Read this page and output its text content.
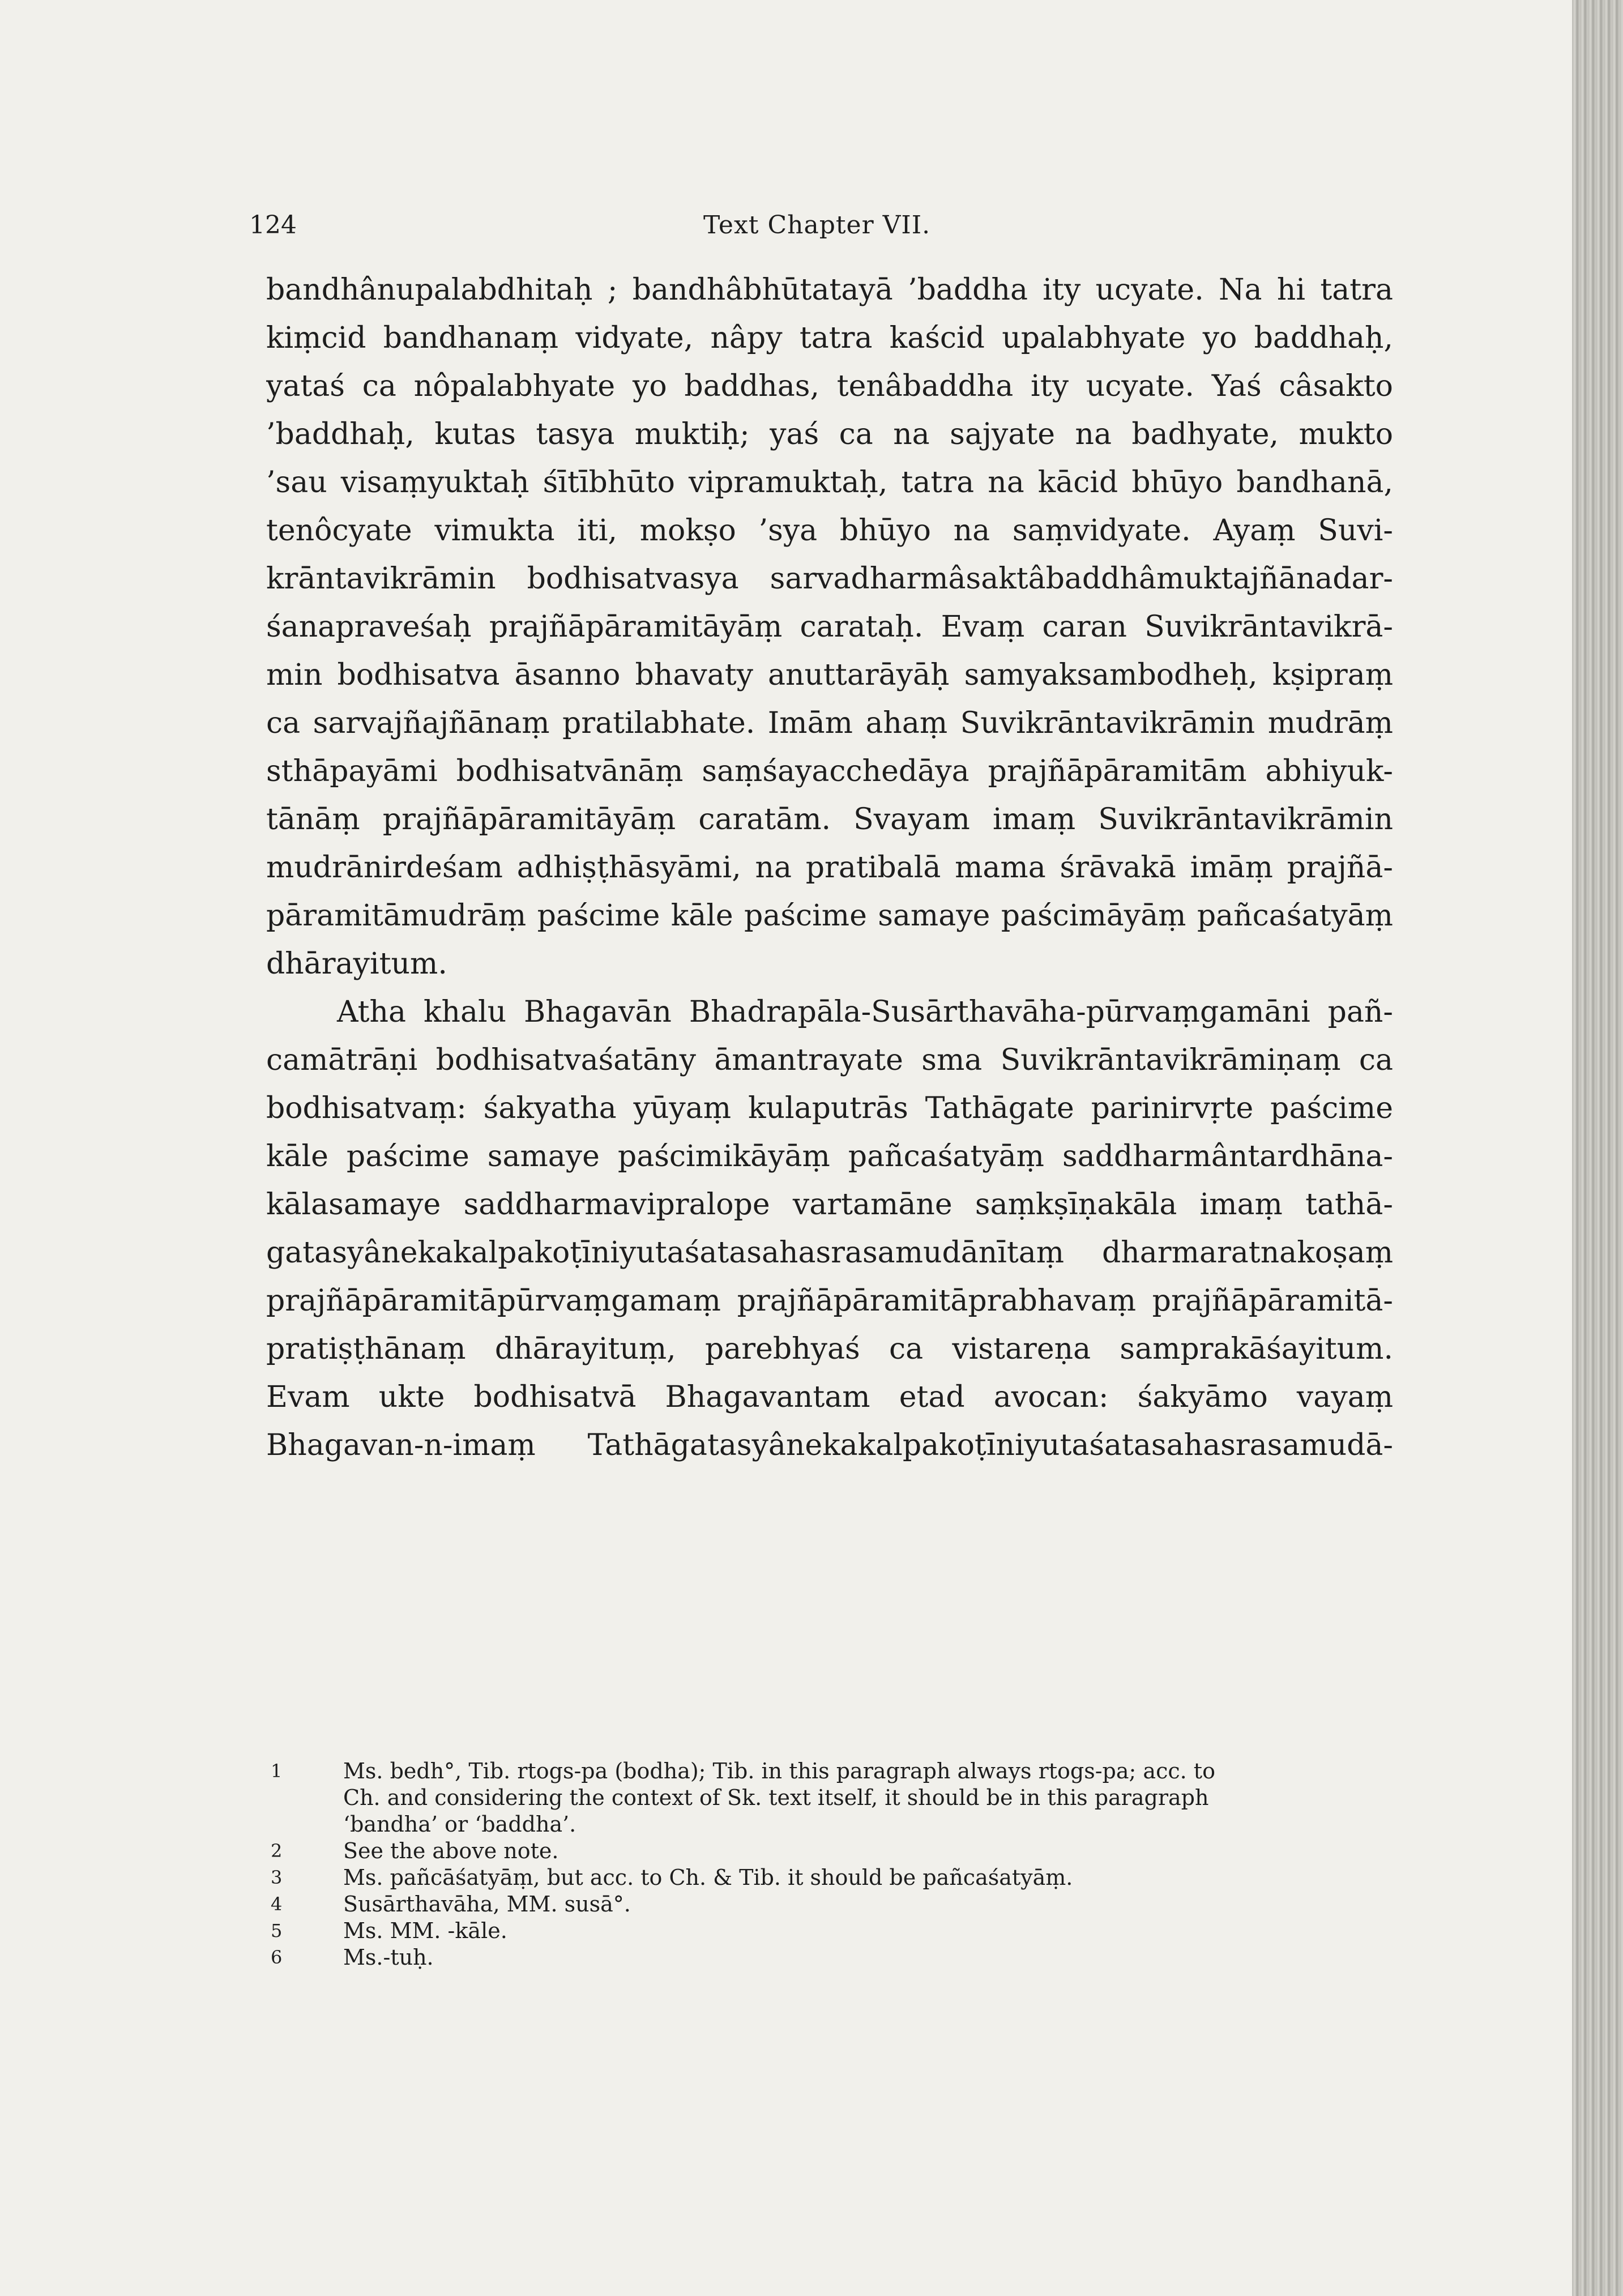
124	Text Chapter VII.
bandhânupalabdhitaḥ ; bandhâbhūtatayā ’baddha ity ucyate. Na hi tatra
kiṃcid bandhanaṃ vidyate, nâpy tatra kaścid upalabhyate yo baddhaḥ,
yataś ca nôpalabhyate yo baddhas, tenâbaddha ity ucyate. Yaś câsakto
’baddhaḥ, kutas tasya muktiḥ; yaś ca na sajyate na badhyate, mukto
’sau visaṃyuktaḥ śītībhūto vipramuktaḥ, tatra na kācid bhūyo bandhanā,
tenôcyate vimukta iti, mokṣo ’sya bhūyo na saṃvidyate. Ayaṃ Suvi-
krāntavikrāmin bodhisatvasya sarvadharmâsaktâbaddhâmuktajñānadar-
śanapraveśaḥ prajñāpāramitāyāṃ carataḥ. Evaṃ caran Suvikrāntavikrā-
min bodhisatva āsanno bhavaty anuttarāyāḥ samyaksambodheḥ, kṣipraṃ
ca sarvajñajñānaṃ pratilabhate. Imām ahaṃ Suvikrāntavikrāmin mudrāṃ
sthāpayāmi bodhisatvānāṃ saṃśayacchedāya prajñāpāramitām abhiyuk-
tānāṃ prajñāpāramitāyāṃ caratām. Svayam imaṃ Suvikrāntavikrāmin
mudrānirdeśam adhiṣṭhāsyāmi, na pratibalā mama śrāvakā imāṃ prajñā-
pāramitāmudrāṃ paścime kāle paścime samaye paścimāyāṃ pañcaśatyāṃ
dhārayitum.
Atha khalu Bhagavān Bhadrapāla-Susārthavāha-pūrvaṃgamāni pañ-
camātrāṇi bodhisatvaśatāny āmantrayate sma Suvikrāntavikrāmiṇaṃ ca
bodhisatvaṃ: śakyatha yūyaṃ kulaputrās Tathāgate parinirvṛte paścime
kāle paścime samaye paścimikāyāṃ pañcaśatyāṃ saddharmântardhāna-
kālasamaye saddharmavipralope vartamāne saṃkṣīṇakāla imaṃ tathā-
gatasyânekakalpakoṭīniyutaśatasahasrasamudānītaṃ dharmaratnakoṣaṃ
prajñāpāramitāpūrvaṃgamaṃ prajñāpāramitāprabhavaṃ prajñāpāramitā-
pratiṣṭhānaṃ dhārayituṃ, parebhyaś ca vistareṇa samprakāśayitum.
Evam ukte bodhisatvā Bhagavantam etad avocan: śakyāmo vayaṃ
Bhagavan-n-imaṃ Tathāgatasyânekakalpakoṭīniyutaśatasahasrasamudā-
1	Ms. bedh°, Tib. rtogs-pa (bodha); Tib. in this paragraph always rtogs-pa; acc. to
Ch. and considering the context of Sk. text itself, it should be in this paragraph
‘bandha’ or ‘baddha’.
2	See the above note.
3	Ms. pañcāśatyāṃ, but acc. to Ch. & Tib. it should be pañcaśatyāṃ.
4	Susārthavāha, MM. susā°.
5	Ms. MM. -kāle.
6	Ms.-tuḥ.
